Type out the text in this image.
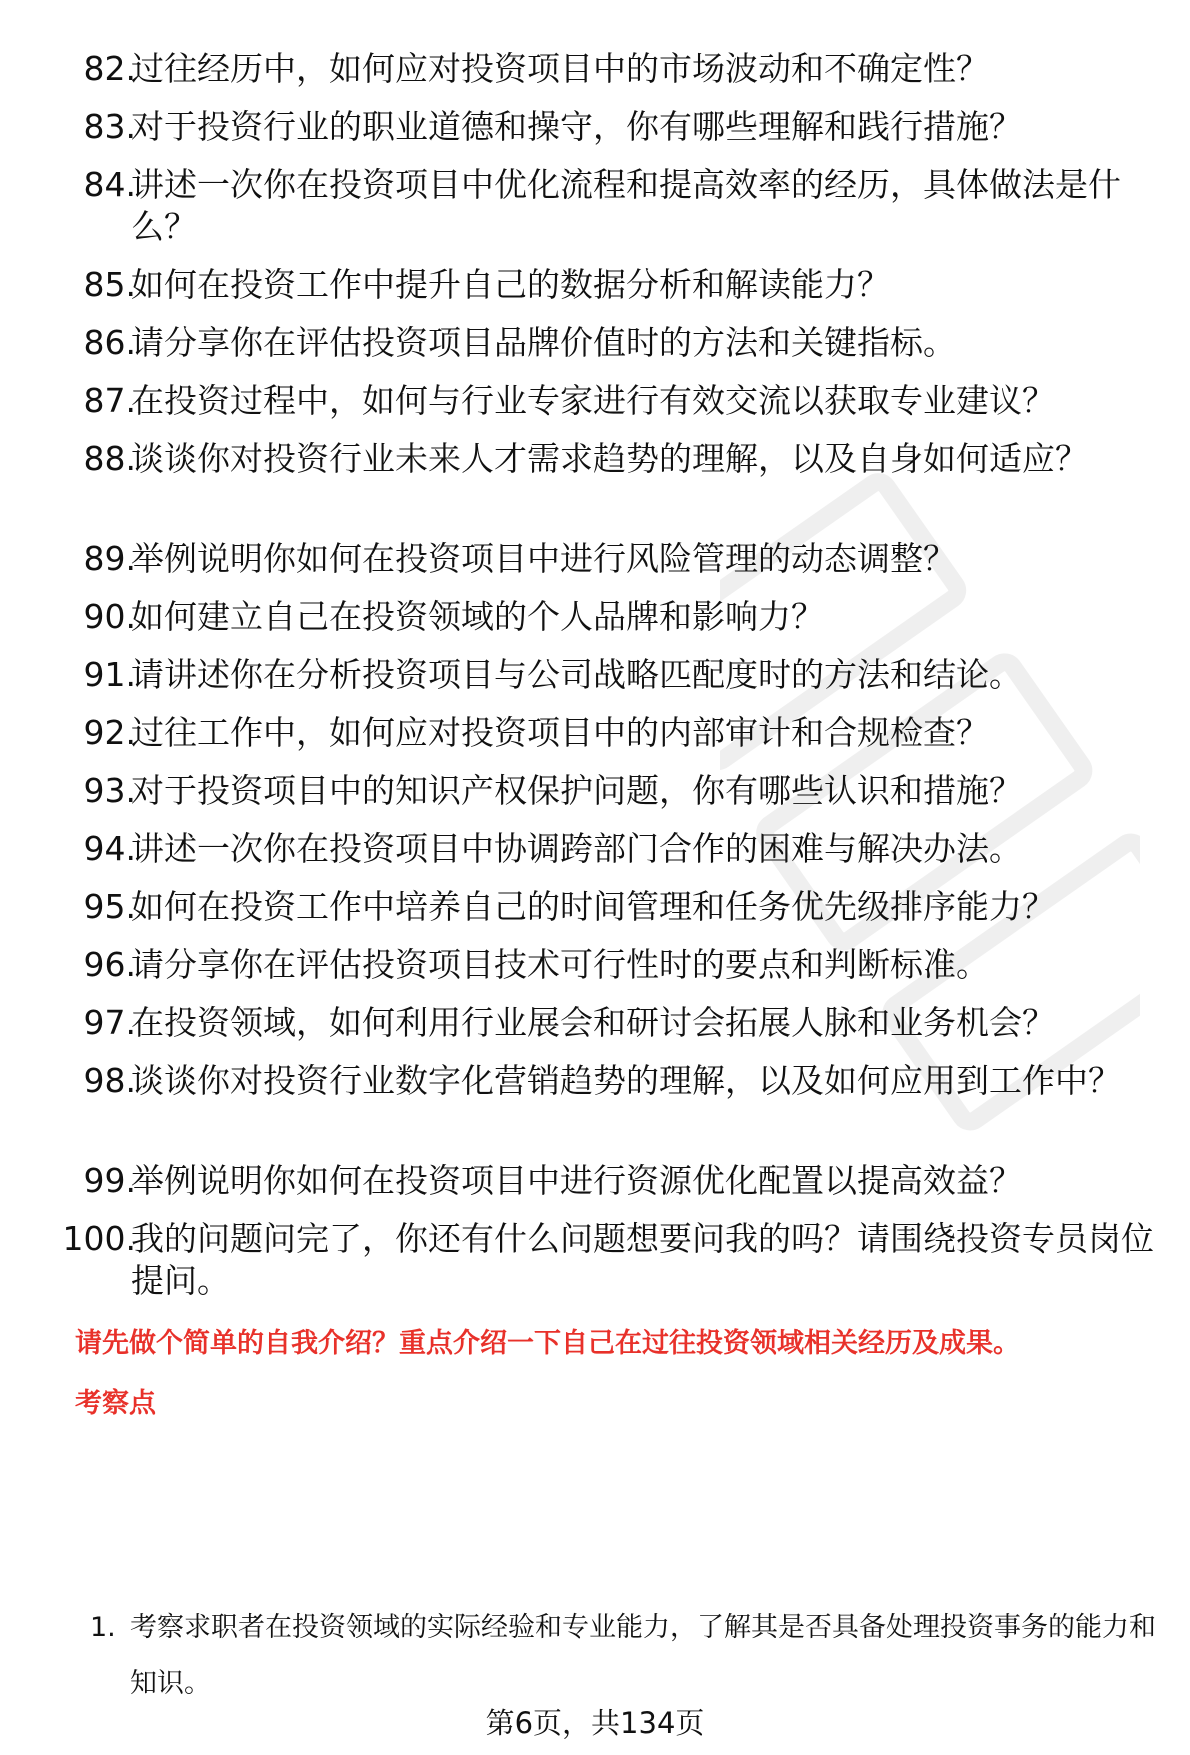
82.
过往经历中，如何应对投资项目中的市场波动和不确定性？
83.
对于投资行业的职业道德和操守，你有哪些理解和践行措施？
84.
讲述一次你在投资项目中优化流程和提高效率的经历，具体做法是什么？
85.
如何在投资工作中提升自己的数据分析和解读能力？
86.
请分享你在评估投资项目品牌价值时的方法和关键指标。
87.
在投资过程中，如何与行业专家进行有效交流以获取专业建议？
88.
谈谈你对投资行业未来人才需求趋势的理解，以及自身如何适应？
89.
举例说明你如何在投资项目中进行风险管理的动态调整？
90.
如何建立自己在投资领域的个人品牌和影响力？
91.
请讲述你在分析投资项目与公司战略匹配度时的方法和结论。
92.
过往工作中，如何应对投资项目中的内部审计和合规检查？
93.
对于投资项目中的知识产权保护问题，你有哪些认识和措施？
94.
讲述一次你在投资项目中协调跨部门合作的困难与解决办法。
95.
如何在投资工作中培养自己的时间管理和任务优先级排序能力？
96.
请分享你在评估投资项目技术可行性时的要点和判断标准。
97.
在投资领域，如何利用行业展会和研讨会拓展人脉和业务机会？
98.
谈谈你对投资行业数字化营销趋势的理解，以及如何应用到工作中？
99.
举例说明你如何在投资项目中进行资源优化配置以提高效益？
100.
我的问题问完了，你还有什么问题想要问我的吗？请围绕投资专员岗位提问。
请先做个简单的自我介绍？重点介绍一下自己在过往投资领域相关经历及成果。
考察点
1. 考察求职者在投资领域的实际经验和专业能力，了解其是否具备处理投资事务的能力和知识。
第6页，共134页
